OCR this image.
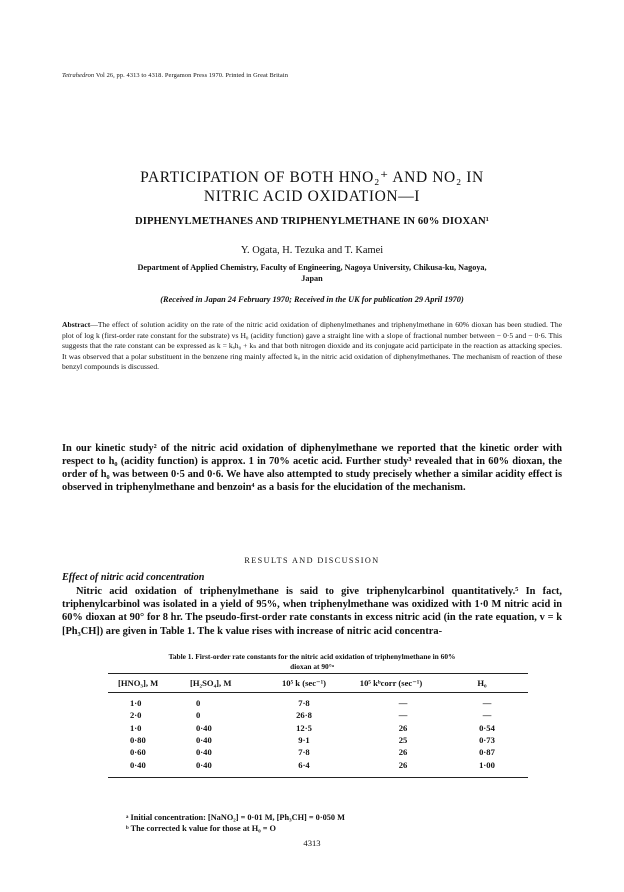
Tetrahedron Vol 26, pp. 4313 to 4318. Pergamon Press 1970. Printed in Great Britain
PARTICIPATION OF BOTH HNO₂⁺ AND NO₂ IN
NITRIC ACID OXIDATION—I
DIPHENYLMETHANES AND TRIPHENYLMETHANE IN 60% DIOXAN¹
Y. Ogata, H. Tezuka and T. Kamei
Department of Applied Chemistry, Faculty of Engineering, Nagoya University, Chikusa-ku, Nagoya,
Japan
(Received in Japan 24 February 1970; Received in the UK for publication 29 April 1970)
Abstract—The effect of solution acidity on the rate of the nitric acid oxidation of diphenylmethanes and triphenylmethane in 60% dioxan has been studied. The plot of log k (first-order rate constant for the substrate) vs H₀ (acidity function) gave a straight line with a slope of fractional number between − 0·5 and − 0·6. This suggests that the rate constant can be expressed as k = kₐh₀ + kₙ and that both nitrogen dioxide and its conjugate acid participate in the reaction as attacking species. It was observed that a polar substituent in the benzene ring mainly affected kₐ in the nitric acid oxidation of diphenylmethanes. The mechanism of reaction of these benzyl compounds is discussed.
In our kinetic study² of the nitric acid oxidation of diphenylmethane we reported that the kinetic order with respect to h₀ (acidity function) is approx. 1 in 70% acetic acid. Further study³ revealed that in 60% dioxan, the order of h₀ was between 0·5 and 0·6. We have also attempted to study precisely whether a similar acidity effect is observed in triphenylmethane and benzoin⁴ as a basis for the elucidation of the mechanism.
RESULTS AND DISCUSSION
Effect of nitric acid concentration
Nitric acid oxidation of triphenylmethane is said to give triphenylcarbinol quantitatively.⁵ In fact, triphenylcarbinol was isolated in a yield of 95%, when triphenylmethane was oxidized with 1·0 M nitric acid in 60% dioxan at 90° for 8 hr. The pseudo-first-order rate constants in excess nitric acid (in the rate equation, v = k [Ph₃CH]) are given in Table 1. The k value rises with increase of nitric acid concentra-
Table 1. First-order rate constants for the nitric acid oxidation of triphenylmethane in 60%
dioxan at 90°ᵃ
[HNO₃], M	[H₂SO₄], M	10⁵ k (sec⁻¹)	10⁵ kᵇcorr (sec⁻¹)	H₀
1·0	0	7·8	—	—
2·0	0	26·8	—	—
1·0	0·40	12·5	26	0·54
0·80	0·40	9·1	25	0·73
0·60	0·40	7·8	26	0·87
0·40	0·40	6·4	26	1·00
ᵃ Initial concentration: [NaNO₂] = 0·01 M, [Ph₃CH] = 0·050 M
ᵇ The corrected k value for those at H₀ = O
4313
